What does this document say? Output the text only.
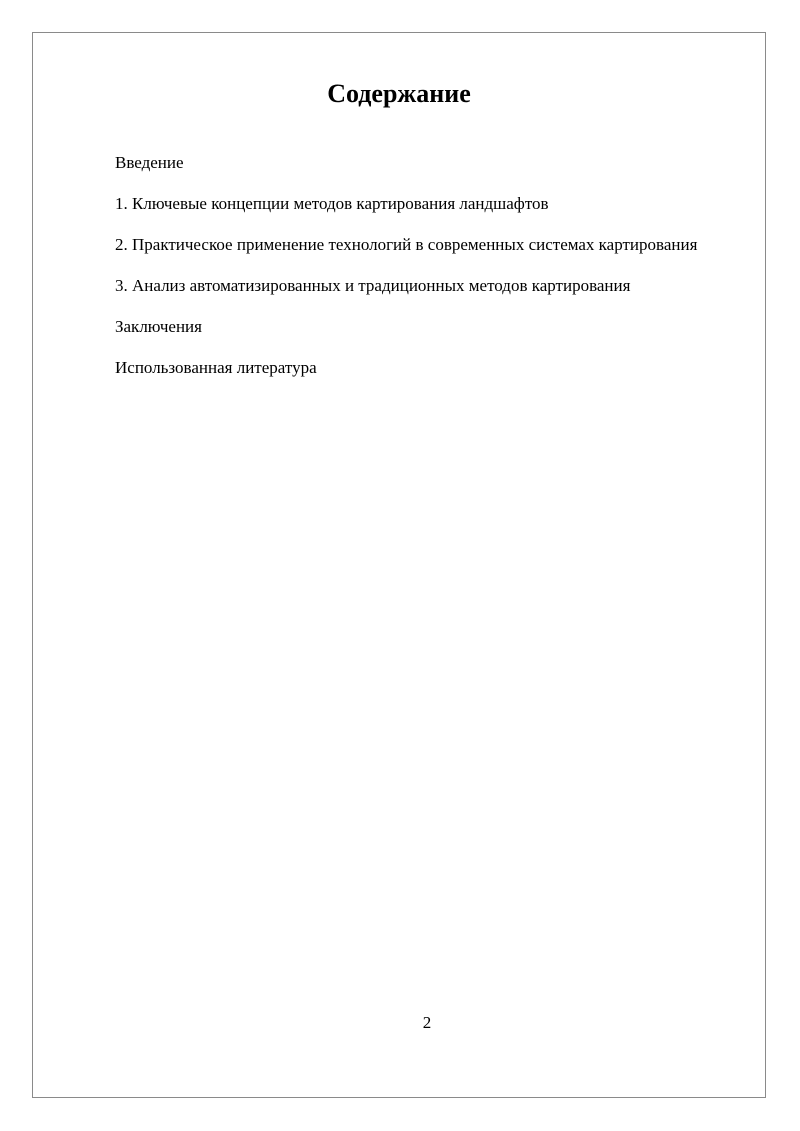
Содержание
Введение
1. Ключевые концепции методов картирования ландшафтов
2. Практическое применение технологий в современных системах картирования
3. Анализ автоматизированных и традиционных методов картирования
Заключения
Использованная литература
2
